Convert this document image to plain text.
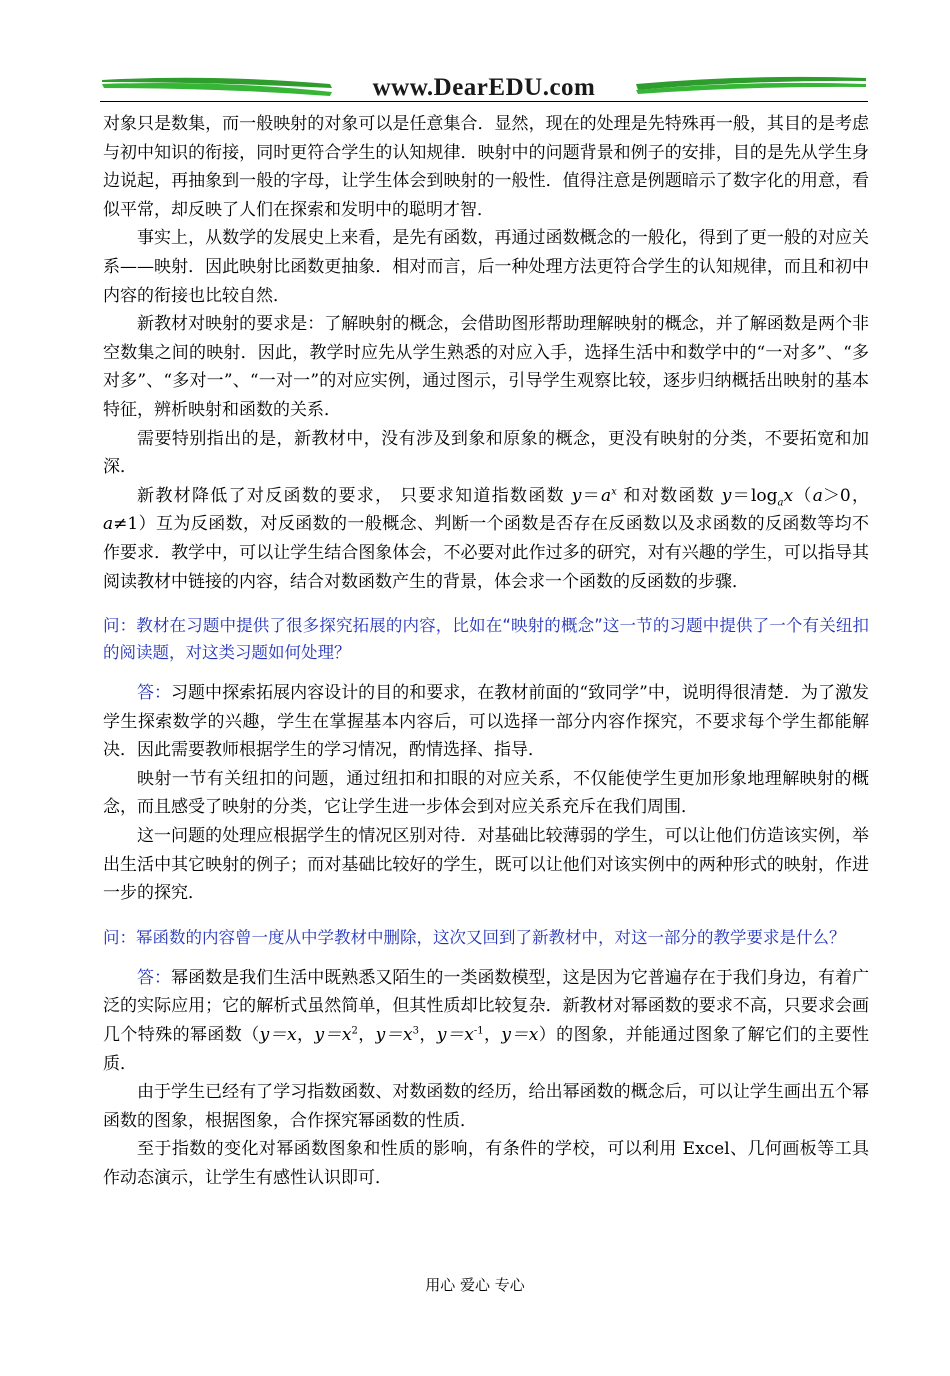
www.DearEDU.com

对象只是数集，而一般映射的对象可以是任意集合．显然，现在的处理是先特殊再一般，其目的是考虑与初中知识的衔接，同时更符合学生的认知规律．映射中的问题背景和例子的安排，目的是先从学生身边说起，再抽象到一般的字母，让学生体会到映射的一般性．值得注意是例题暗示了数字化的用意，看似平常，却反映了人们在探索和发明中的聪明才智．

事实上，从数学的发展史上来看，是先有函数，再通过函数概念的一般化，得到了更一般的对应关系——映射．因此映射比函数更抽象．相对而言，后一种处理方法更符合学生的认知规律，而且和初中内容的衔接也比较自然．

新教材对映射的要求是：了解映射的概念，会借助图形帮助理解映射的概念，并了解函数是两个非空数集之间的映射．因此，教学时应先从学生熟悉的对应入手，选择生活中和数学中的“一对多”、“多对多”、“多对一”、“一对一”的对应实例，通过图示，引导学生观察比较，逐步归纳概括出映射的基本特征，辨析映射和函数的关系．

需要特别指出的是，新教材中，没有涉及到象和原象的概念，更没有映射的分类，不要拓宽和加深．

新教材降低了对反函数的要求， 只要求知道指数函数 $y=a^x$ 和对数函数 $y=\log_ax(a>0$，a≠1）互为反函数，对反函数的一般概念、判断一个函数是否存在反函数以及求函数的反函数等均不作要求．教学中，可以让学生结合图象体会，不必要对此作过多的研究，对有兴趣的学生，可以指导其阅读教材中链接的内容，结合对数函数产生的背景，体会求一个函数的反函数的步骤．

问：教材在习题中提供了很多探究拓展的内容，比如在“映射的概念”这一节的习题中提供了一个有关纽扣的阅读题，对这类习题如何处理？

答：习题中探索拓展内容设计的目的和要求，在教材前面的“致同学”中，说明得很清楚．为了激发学生探索数学的兴趣，学生在掌握基本内容后，可以选择一部分内容作探究，不要求每个学生都能解决．因此需要教师根据学生的学习情况，酌情选择、指导．

映射一节有关纽扣的问题，通过纽扣和扣眼的对应关系，不仅能使学生更加形象地理解映射的概念，而且感受了映射的分类，它让学生进一步体会到对应关系充斥在我们周围．

这一问题的处理应根据学生的情况区别对待．对基础比较薄弱的学生，可以让他们仿造该实例，举出生活中其它映射的例子；而对基础比较好的学生，既可以让他们对该实例中的两种形式的映射，作进一步的探究．

问：幂函数的内容曾一度从中学教材中删除，这次又回到了新教材中，对这一部分的教学要求是什么？

答：幂函数是我们生活中既熟悉又陌生的一类函数模型，这是因为它普遍存在于我们身边，有着广泛的实际应用；它的解析式虽然简单，但其性质却比较复杂．新教材对幂函数的要求不高，只要求会画几个特殊的幂函数（y＝x，$y=x^2$，$y=x^3$，$y=x^{-1}$，y＝x）的图象，并能通过图象了解它们的主要性质．

由于学生已经有了学习指数函数、对数函数的经历，给出幂函数的概念后，可以让学生画出五个幂函数的图象，根据图象，合作探究幂函数的性质．

至于指数的变化对幂函数图象和性质的影响，有条件的学校，可以利用 Excel、几何画板等工具作动态演示，让学生有感性认识即可．

用心 爱心 专心
